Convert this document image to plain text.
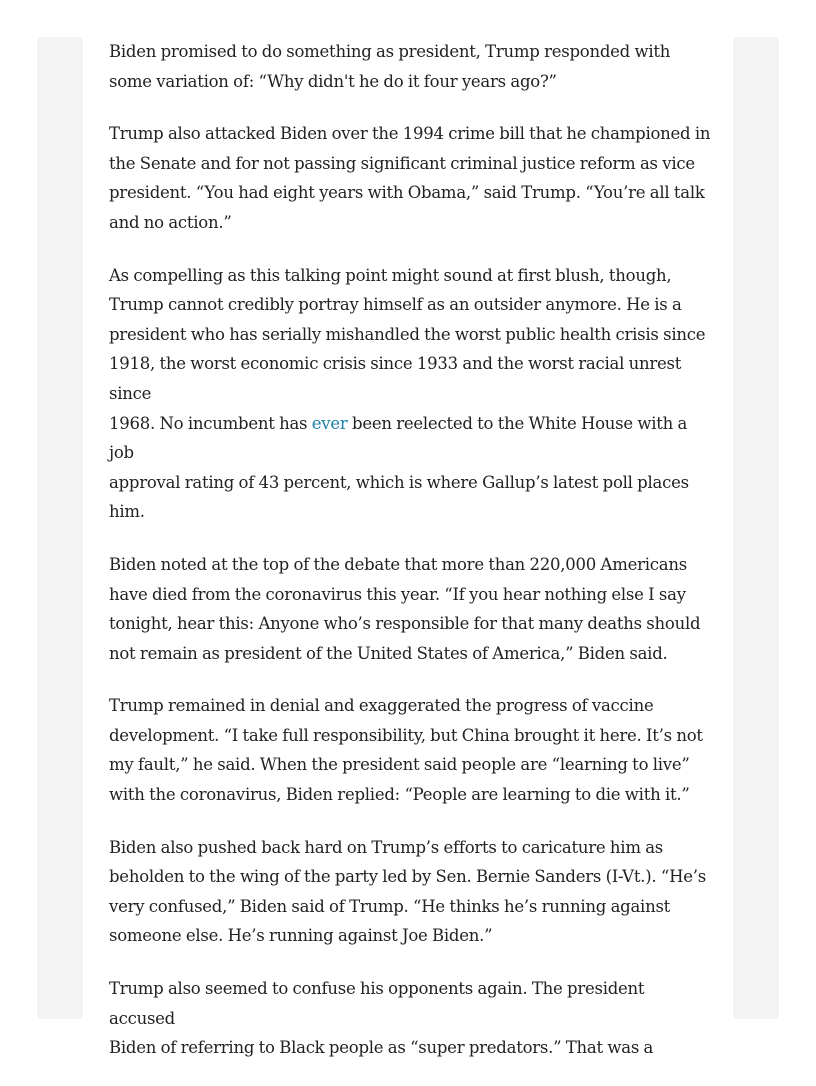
Biden promised to do something as president, Trump responded with
some variation of: “Why didn't he do it four years ago?”

Trump also attacked Biden over the 1994 crime bill that he championed in
the Senate and for not passing significant criminal justice reform as vice
president. “You had eight years with Obama,” said Trump. “You’re all talk
and no action.”

As compelling as this talking point might sound at first blush, though,
Trump cannot credibly portray himself as an outsider anymore. He is a
president who has serially mishandled the worst public health crisis since
1918, the worst economic crisis since 1933 and the worst racial unrest since
1968. No incumbent has ever been reelected to the White House with a job
approval rating of 43 percent, which is where Gallup’s latest poll places
him.

Biden noted at the top of the debate that more than 220,000 Americans
have died from the coronavirus this year. “If you hear nothing else I say
tonight, hear this: Anyone who’s responsible for that many deaths should
not remain as president of the United States of America,” Biden said.

Trump remained in denial and exaggerated the progress of vaccine
development. “I take full responsibility, but China brought it here. It’s not
my fault,” he said. When the president said people are “learning to live”
with the coronavirus, Biden replied: “People are learning to die with it.”

Biden also pushed back hard on Trump’s efforts to caricature him as
beholden to the wing of the party led by Sen. Bernie Sanders (I-Vt.). “He’s
very confused,” Biden said of Trump. “He thinks he’s running against
someone else. He’s running against Joe Biden.”

Trump also seemed to confuse his opponents again. The president accused
Biden of referring to Black people as “super predators.” That was a
